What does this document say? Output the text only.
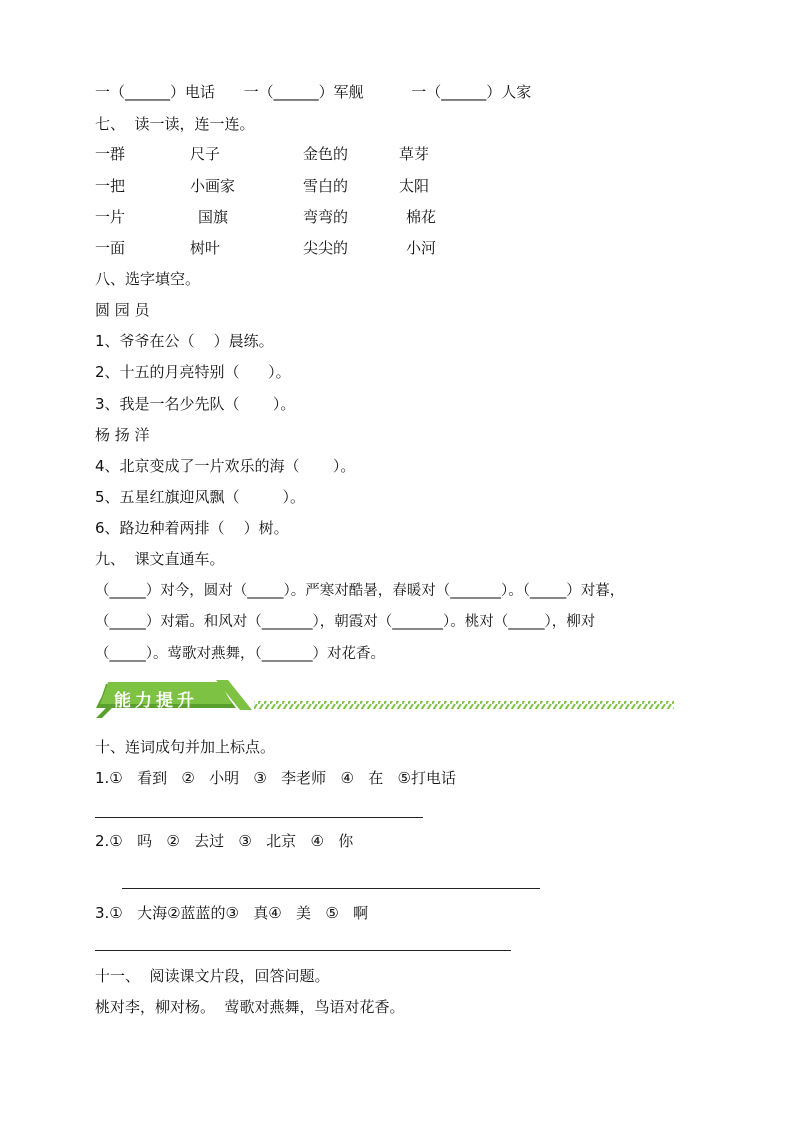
一（______）电话      一（______）军舰          一（______）人家
七、  读一读，连一连。
一群
一把
一片
一面
尺子
小画家
国旗
树叶
金色的
雪白的
弯弯的
尖尖的
草芽
太阳
棉花
小河
八、选字填空。
圆 园 员
1、爷爷在公（    ）晨练。
2、十五的月亮特别（      ）。
3、我是一名少先队（       ）。
杨 扬 洋
4、北京变成了一片欢乐的海（       ）。
5、五星红旗迎风飘（         ）。
6、路边种着两排（    ）树。
九、  课文直通车。
（_____）对今，圆对（_____）。严寒对酷暑，春暖对（_______）。（_____）对暮，
（_____）对霜。和风对（_______），朝霞对（_______）。桃对（_____），柳对
（_____）。莺歌对燕舞，（_______）对花香。
能力提升
十、连词成句并加上标点。
1.①   看到   ②   小明   ③   李老师   ④   在   ⑤打电话
2.①   吗   ②   去过   ③   北京   ④   你
3.①   大海②蓝蓝的③   真④   美   ⑤   啊
十一、  阅读课文片段，回答问题。
桃对李，柳对杨。  莺歌对燕舞，鸟语对花香。
